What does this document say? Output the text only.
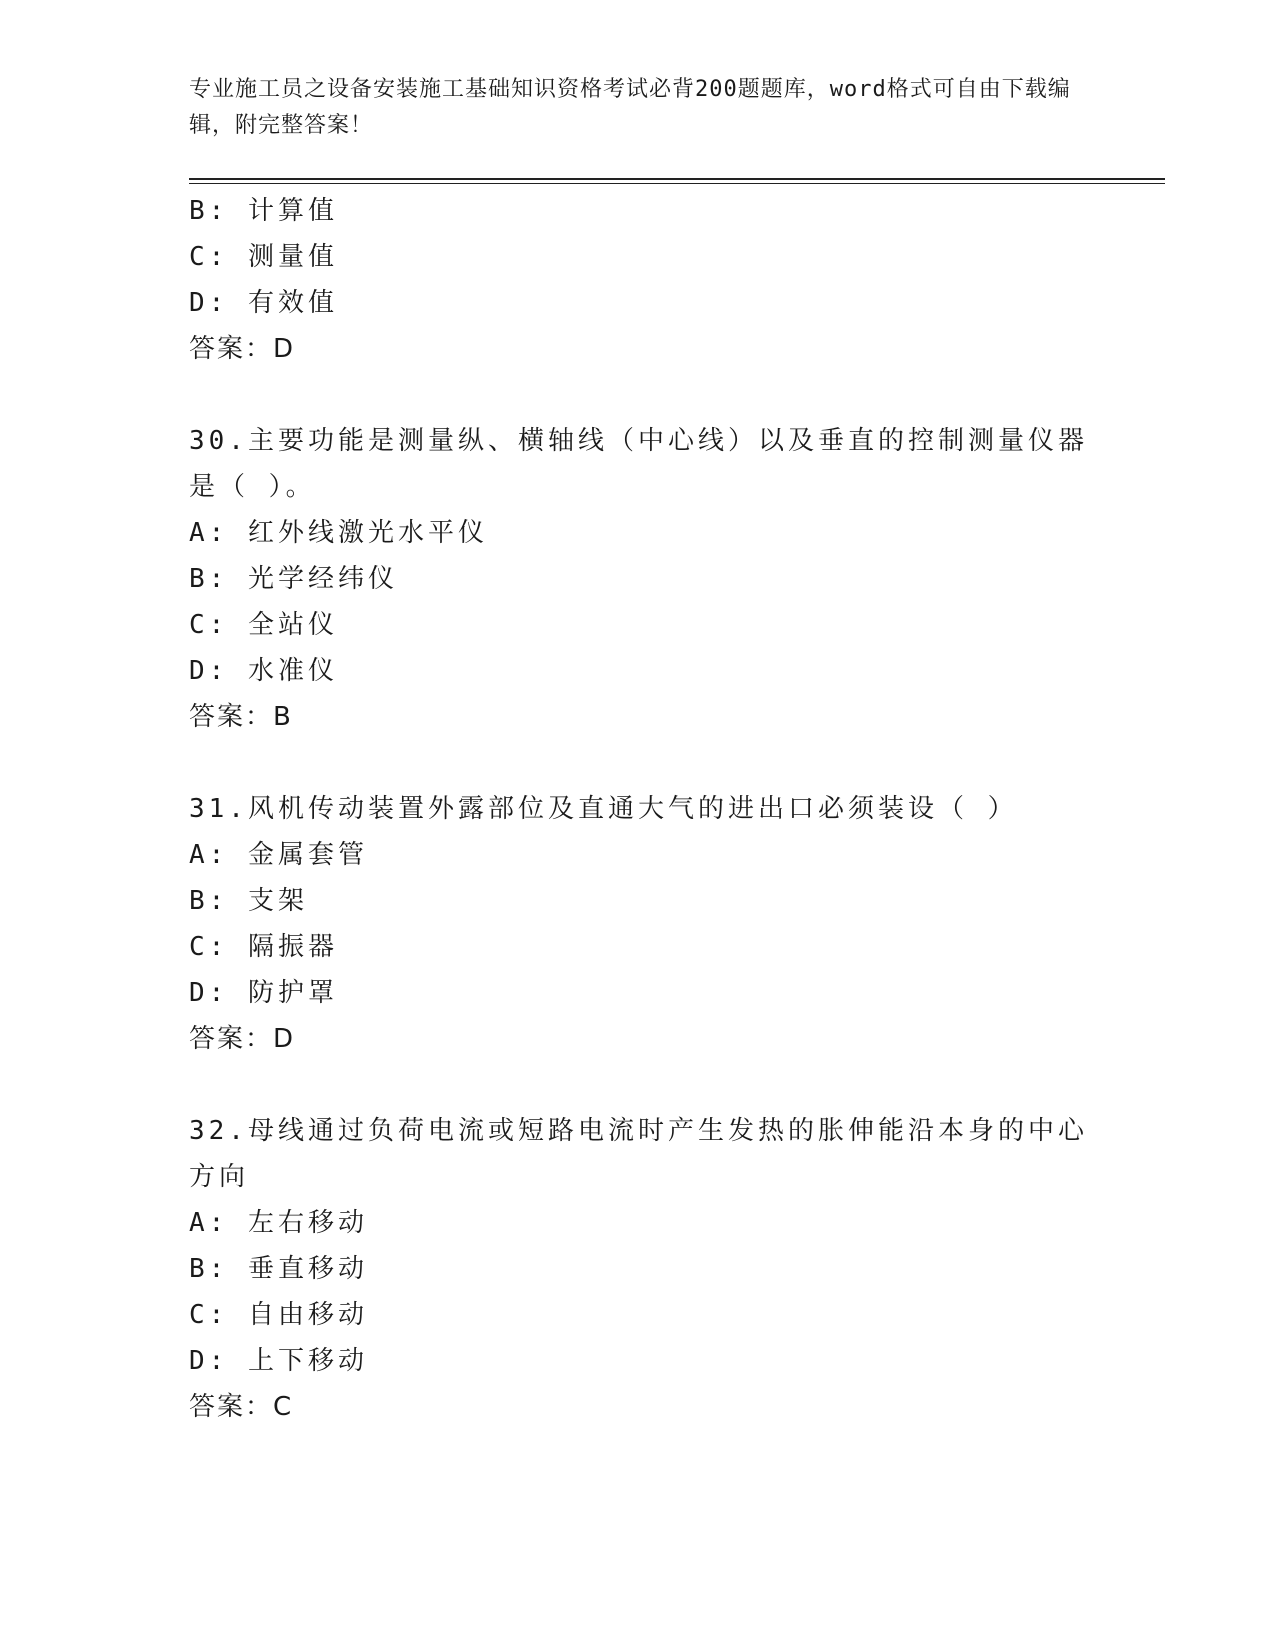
专业施工员之设备安装施工基础知识资格考试必背200题题库，word格式可自由下载编辑，附完整答案！
B: 计算值
C: 测量值
D: 有效值
答案：D
30.主要功能是测量纵、横轴线（中心线）以及垂直的控制测量仪器是（ ）。
A: 红外线激光水平仪
B: 光学经纬仪
C: 全站仪
D: 水准仪
答案：B
31.风机传动装置外露部位及直通大气的进出口必须装设（ ）
A: 金属套管
B: 支架
C: 隔振器
D: 防护罩
答案：D
32.母线通过负荷电流或短路电流时产生发热的胀伸能沿本身的中心方向
A: 左右移动
B: 垂直移动
C: 自由移动
D: 上下移动
答案：C
